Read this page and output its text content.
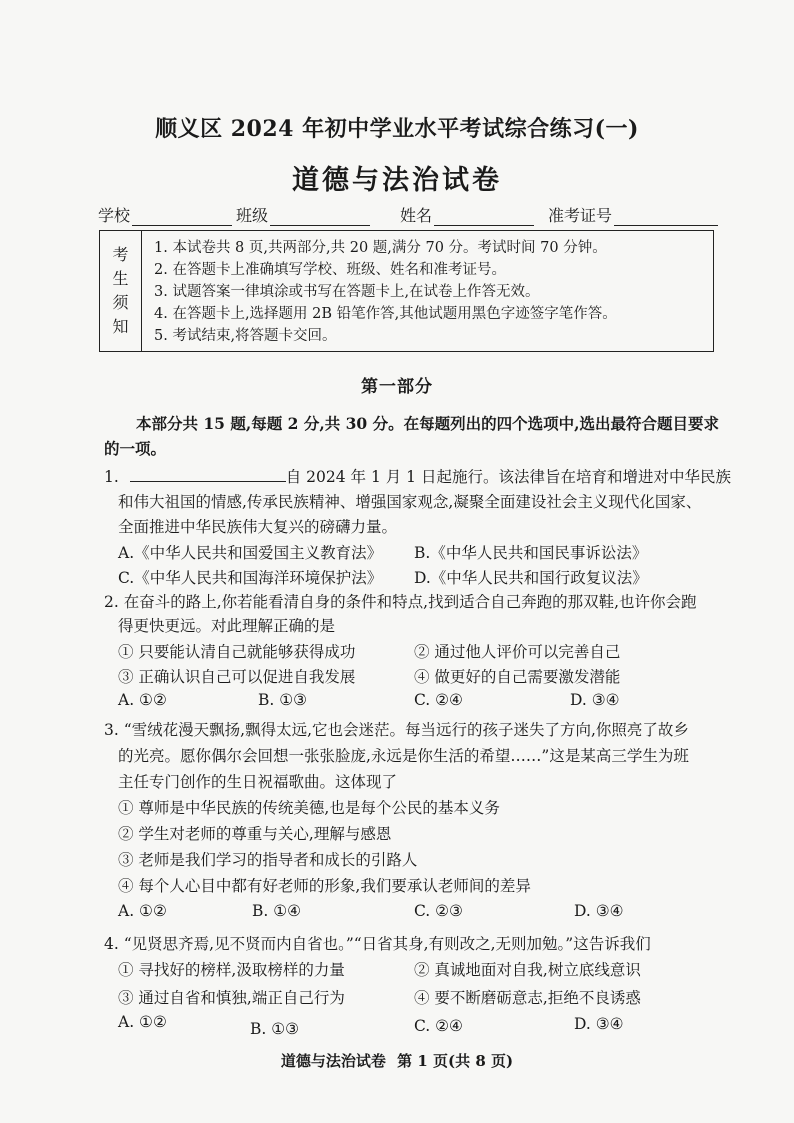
顺义区 2024 年初中学业水平考试综合练习(一)
道德与法治试卷
学校	班级	姓名	准考证号
考
生
须
知
1. 本试卷共 8 页,共两部分,共 20 题,满分 70 分。考试时间 70 分钟。
2. 在答题卡上准确填写学校、班级、姓名和准考证号。
3. 试题答案一律填涂或书写在答题卡上,在试卷上作答无效。
4. 在答题卡上,选择题用 2B 铅笔作答,其他试题用黑色字迹签字笔作答。
5. 考试结束,将答题卡交回。
第一部分
本部分共 15 题,每题 2 分,共 30 分。在每题列出的四个选项中,选出最符合题目要求
的一项。
1.	自 2024 年 1 月 1 日起施行。该法律旨在培育和增进对中华民族
和伟大祖国的情感,传承民族精神、增强国家观念,凝聚全面建设社会主义现代化国家、
全面推进中华民族伟大复兴的磅礴力量。
A.《中华人民共和国爱国主义教育法》 B.《中华人民共和国民事诉讼法》
C.《中华人民共和国海洋环境保护法》 D.《中华人民共和国行政复议法》
2. 在奋斗的路上,你若能看清自身的条件和特点,找到适合自己奔跑的那双鞋,也许你会跑
得更快更远。对此理解正确的是
① 只要能认清自己就能够获得成功	② 通过他人评价可以完善自己
③ 正确认识自己可以促进自我发展	④ 做更好的自己需要激发潜能
A. ①②	B. ①③	C. ②④	D. ③④
3. “雪绒花漫天飘扬,飘得太远,它也会迷茫。每当远行的孩子迷失了方向,你照亮了故乡
的光亮。愿你偶尔会回想一张张脸庞,永远是你生活的希望……”这是某高三学生为班
主任专门创作的生日祝福歌曲。这体现了
① 尊师是中华民族的传统美德,也是每个公民的基本义务
② 学生对老师的尊重与关心,理解与感恩
③ 老师是我们学习的指导者和成长的引路人
④ 每个人心目中都有好老师的形象,我们要承认老师间的差异
A. ①②	B. ①④	C. ②③	D. ③④
4. “见贤思齐焉,见不贤而内自省也。”“日省其身,有则改之,无则加勉。”这告诉我们
① 寻找好的榜样,汲取榜样的力量	② 真诚地面对自我,树立底线意识
③ 通过自省和慎独,端正自己行为	④ 要不断磨砺意志,拒绝不良诱惑
A. ①②	B. ①③	C. ②④	D. ③④
道德与法治试卷 第 1 页(共 8 页)
